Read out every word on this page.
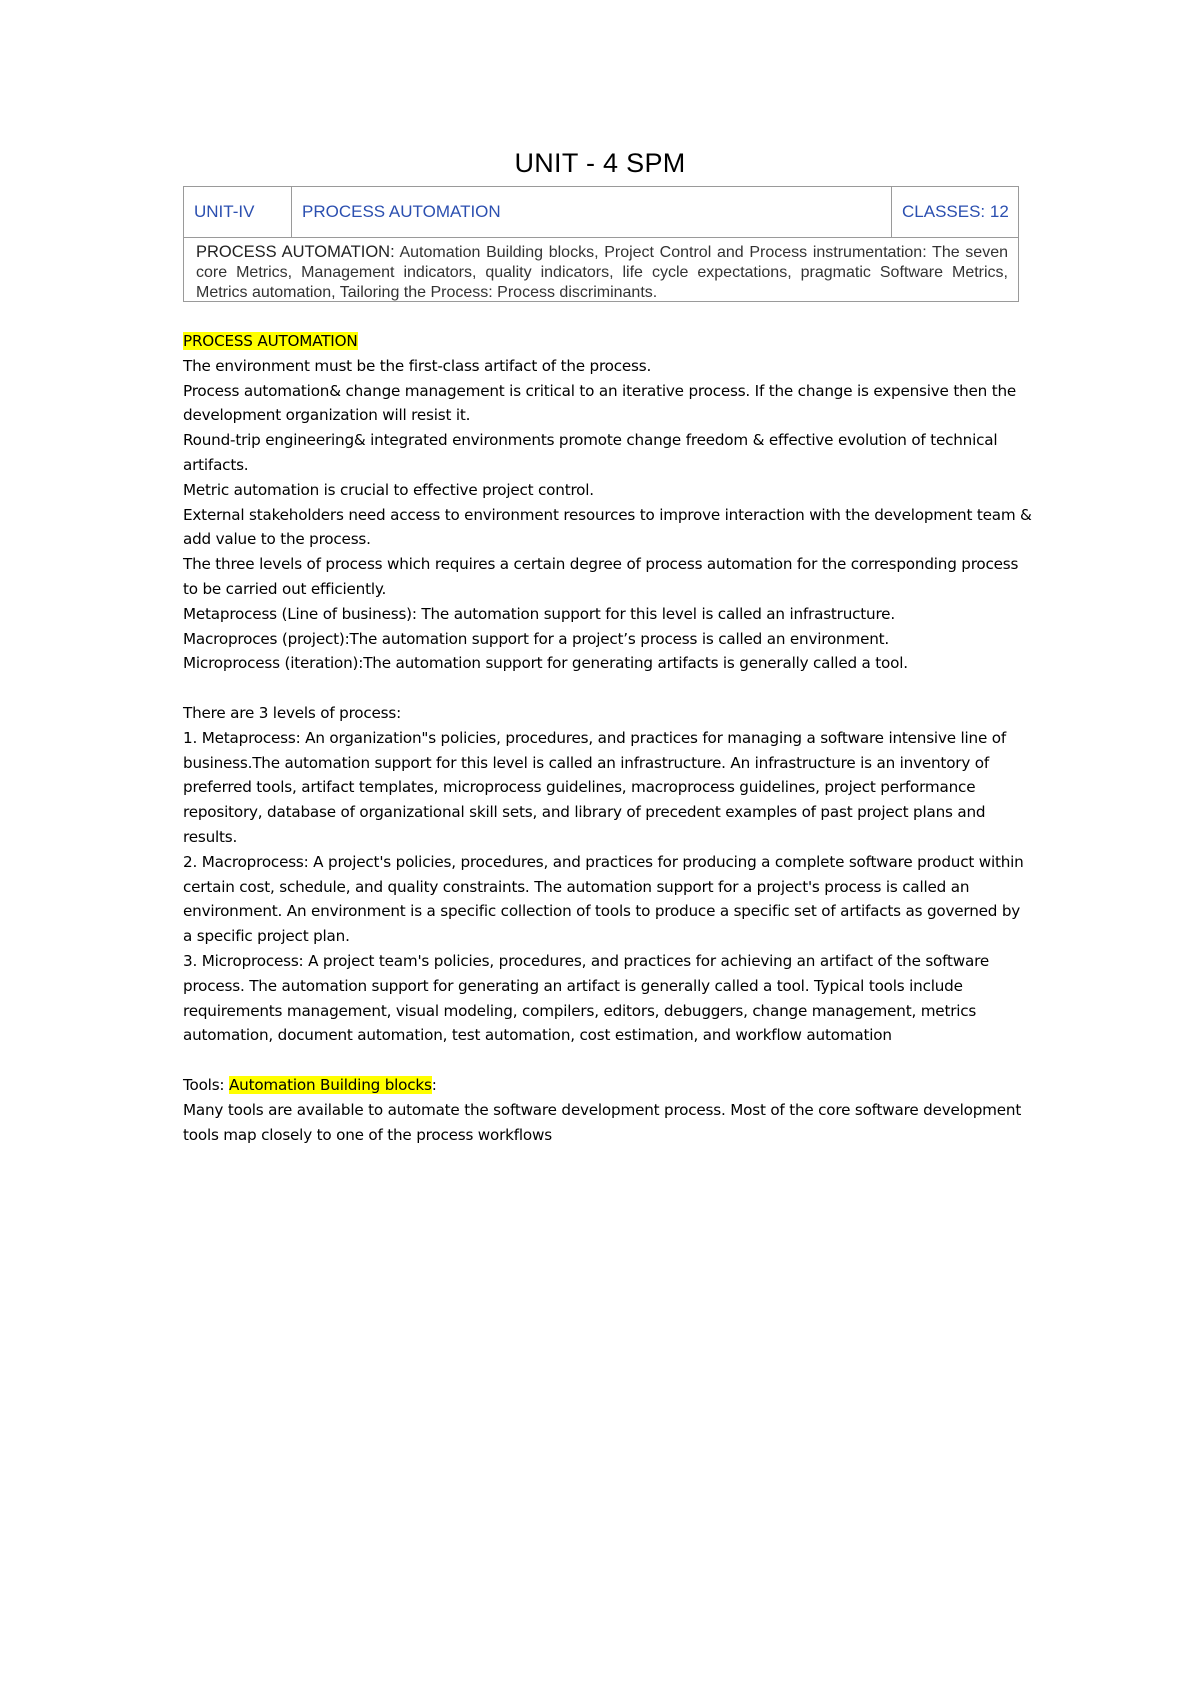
UNIT - 4 SPM
UNIT-IV	PROCESS AUTOMATION	CLASSES: 12
PROCESS AUTOMATION: Automation Building blocks, Project Control and Process instrumentation: The seven core Metrics, Management indicators, quality indicators, life cycle expectations, pragmatic Software Metrics, Metrics automation, Tailoring the Process: Process discriminants.

PROCESS AUTOMATION

The environment must be the first-class artifact of the process.

Process automation& change management is critical to an iterative process. If the change is expensive then the development organization will resist it.

Round-trip engineering& integrated environments promote change freedom & effective evolution of technical artifacts.

Metric automation is crucial to effective project control.

External stakeholders need access to environment resources to improve interaction with the development team & add value to the process.

The three levels of process which requires a certain degree of process automation for the corresponding process to be carried out efficiently.

Metaprocess (Line of business): The automation support for this level is called an infrastructure.

Macroproces (project):The automation support for a project’s process is called an environment.

Microprocess (iteration):The automation support for generating artifacts is generally called a tool.

There are 3 levels of process:

1. Metaprocess: An organization"s policies, procedures, and practices for managing a software intensive line of business.The automation support for this level is called an infrastructure. An infrastructure is an inventory of preferred tools, artifact templates, microprocess guidelines, macroprocess guidelines, project performance repository, database of organizational skill sets, and library of precedent examples of past project plans and results.

2. Macroprocess: A project's policies, procedures, and practices for producing a complete software product within certain cost, schedule, and quality constraints. The automation support for a project's process is called an environment. An environment is a specific collection of tools to produce a specific set of artifacts as governed by a specific project plan.

3. Microprocess: A project team's policies, procedures, and practices for achieving an artifact of the software process. The automation support for generating an artifact is generally called a tool. Typical tools include requirements management, visual modeling, compilers, editors, debuggers, change management, metrics automation, document automation, test automation, cost estimation, and workflow automation

Tools: Automation Building blocks:

Many tools are available to automate the software development process. Most of the core software development tools map closely to one of the process workflows
